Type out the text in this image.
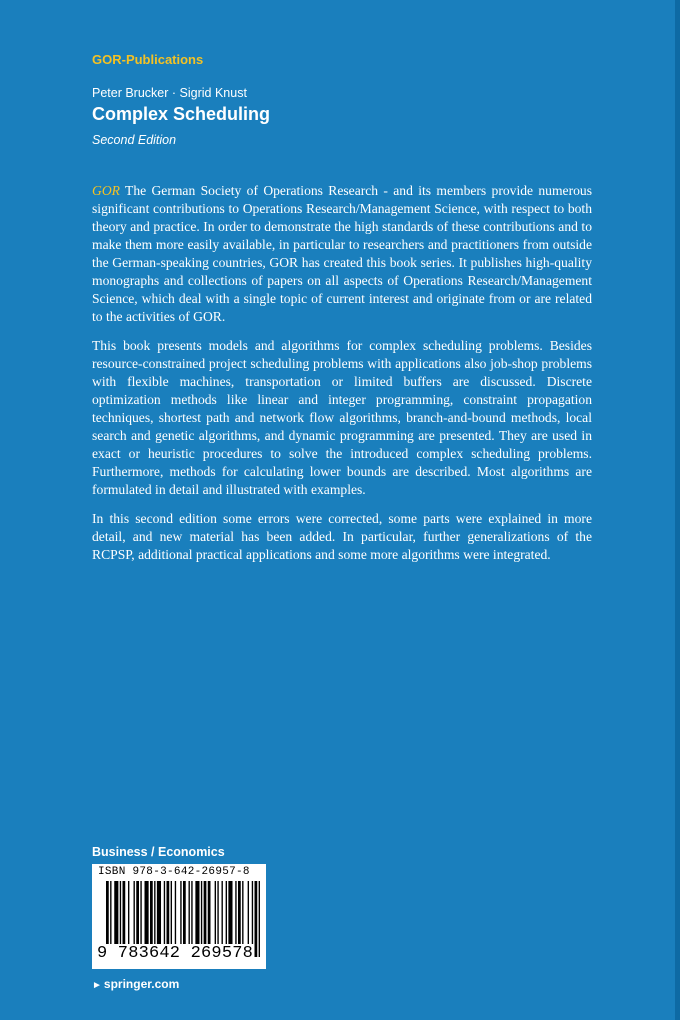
GOR-Publications
Peter Brucker · Sigrid Knust
Complex Scheduling
Second Edition

GOR The German Society of Operations Research - and its members provide numerous significant contributions to Operations Research/Management Science, with respect to both theory and practice. In order to demonstrate the high standards of these contributions and to make them more easily available, in particular to researchers and practitioners from outside the German-speaking countries, GOR has created this book series. It publishes high-quality monographs and collections of papers on all aspects of Operations Research/Management Science, which deal with a single topic of current interest and originate from or are related to the activities of GOR.

This book presents models and algorithms for complex scheduling problems. Besides resource-constrained project scheduling problems with applications also job-shop problems with flexible machines, transportation or limited buffers are discussed. Discrete optimization methods like linear and integer programming, constraint propagation techniques, shortest path and network flow algorithms, branch-and-bound methods, local search and genetic algorithms, and dynamic programming are presented. They are used in exact or heuristic procedures to solve the introduced complex scheduling problems. Furthermore, methods for calculating lower bounds are described. Most algorithms are formulated in detail and illustrated with examples.

In this second edition some errors were corrected, some parts were explained in more detail, and new material has been added. In particular, further generalizations of the RCPSP, additional practical applications and some more algorithms were integrated.

Business / Economics
ISBN 978-3-642-26957-8
9 783642 269578
► springer.com
